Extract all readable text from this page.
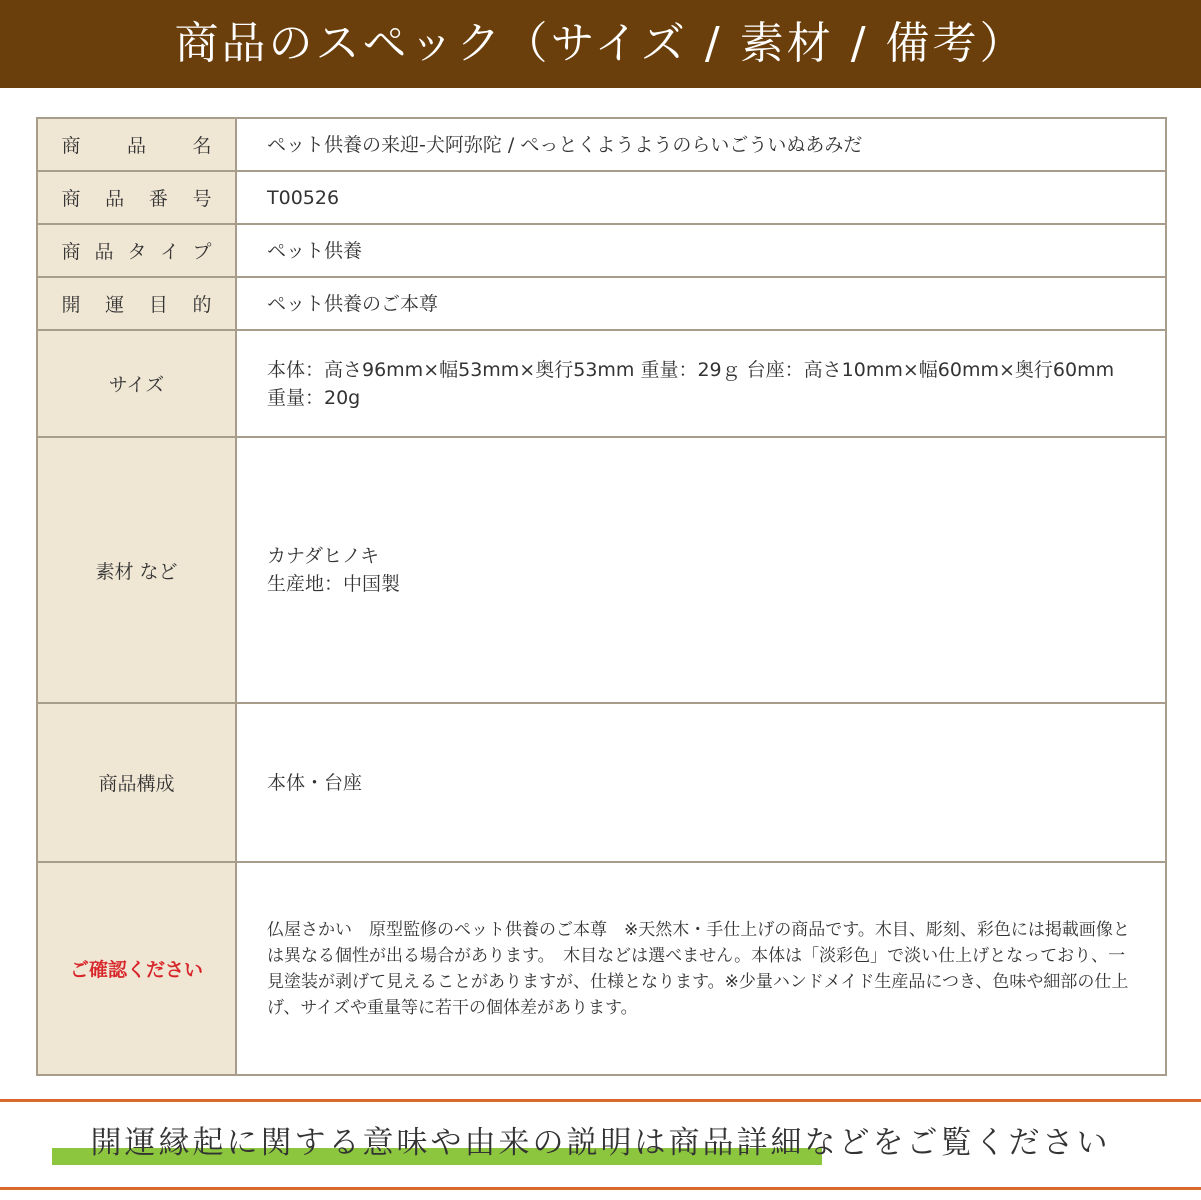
商品のスペック（サイズ / 素材 / 備考）
商品名	ペット供養の来迎-犬阿弥陀 / ぺっとくようようのらいごういぬあみだ
商品番号	T00526
商品タイプ	ペット供養
開運目的	ペット供養のご本尊
サイズ	本体：高さ96mm×幅53mm×奥行53mm 重量：29ｇ 台座：高さ10mm×幅60mm×奥行60mm 重量：20g
素材 など	カナダヒノキ
生産地：中国製
商品構成	本体・台座
ご確認ください	仏屋さかい　原型監修のペット供養のご本尊　※天然木・手仕上げの商品です。木目、彫刻、彩色には掲載画像とは異なる個性が出る場合があります。　木目などは選べません。本体は「淡彩色」で淡い仕上げとなっており、一見塗装が剥げて見えることがありますが、仕様となります。※少量ハンドメイド生産品につき、色味や細部の仕上げ、サイズや重量等に若干の個体差があります。
開運縁起に関する意味や由来の説明は商品詳細などをご覧ください
